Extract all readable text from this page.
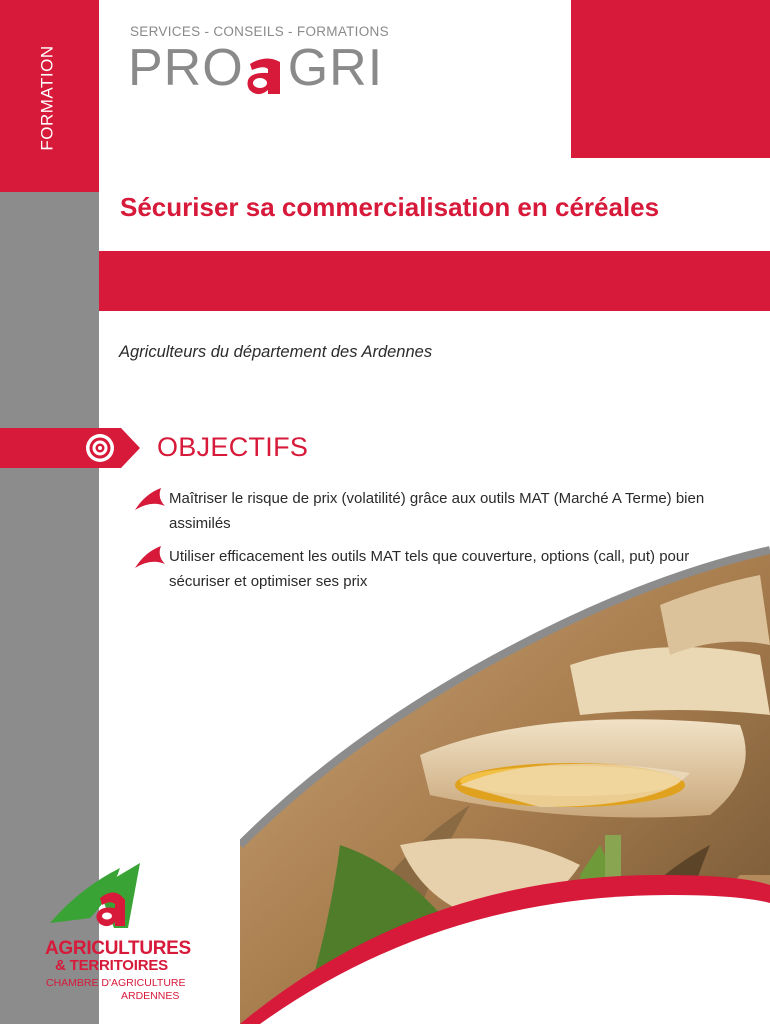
FORMATION
SERVICES - CONSEILS - FORMATIONS
PRO GRI
Sécuriser sa commercialisation en céréales
Agriculteurs du département des Ardennes
OBJECTIFS
Maîtriser le risque de prix (volatilité) grâce aux outils MAT (Marché A Terme) bien assimilés
Utiliser efficacement les outils MAT tels que couverture, options (call, put) pour sécuriser et optimiser ses prix
AGRICULTURES
& TERRITOIRES
CHAMBRE D'AGRICULTURE
ARDENNES
